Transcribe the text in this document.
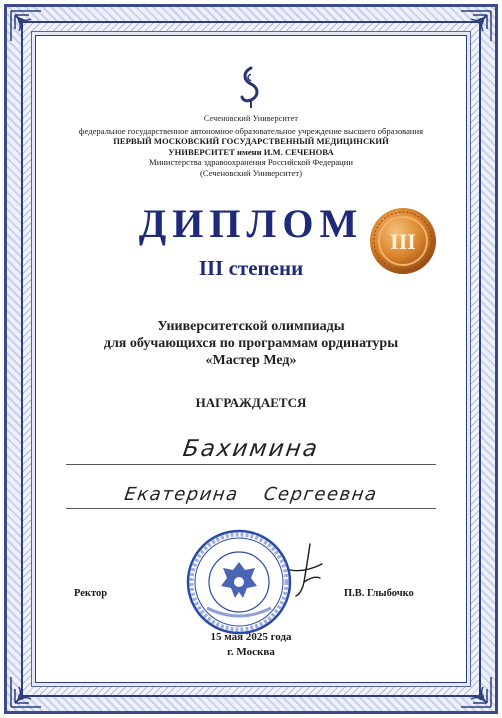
Сеченовский Университет
федеральное государственное автономное образовательное учреждение высшего образования
ПЕРВЫЙ МОСКОВСКИЙ ГОСУДАРСТВЕННЫЙ МЕДИЦИНСКИЙ
УНИВЕРСИТЕТ имени И.М. СЕЧЕНОВА
Министерства здравоохранения Российской Федерации
(Сеченовский Университет)
ДИПЛОМ	III
III степени
Университетской олимпиады
для обучающихся по программам ординатуры
«Мастер Мед»
НАГРАЖДАЕТСЯ
Бахимина
Екатерина Сергеевна
Ректор	П.В. Глыбочко
15 мая 2025 года
г. Москва
